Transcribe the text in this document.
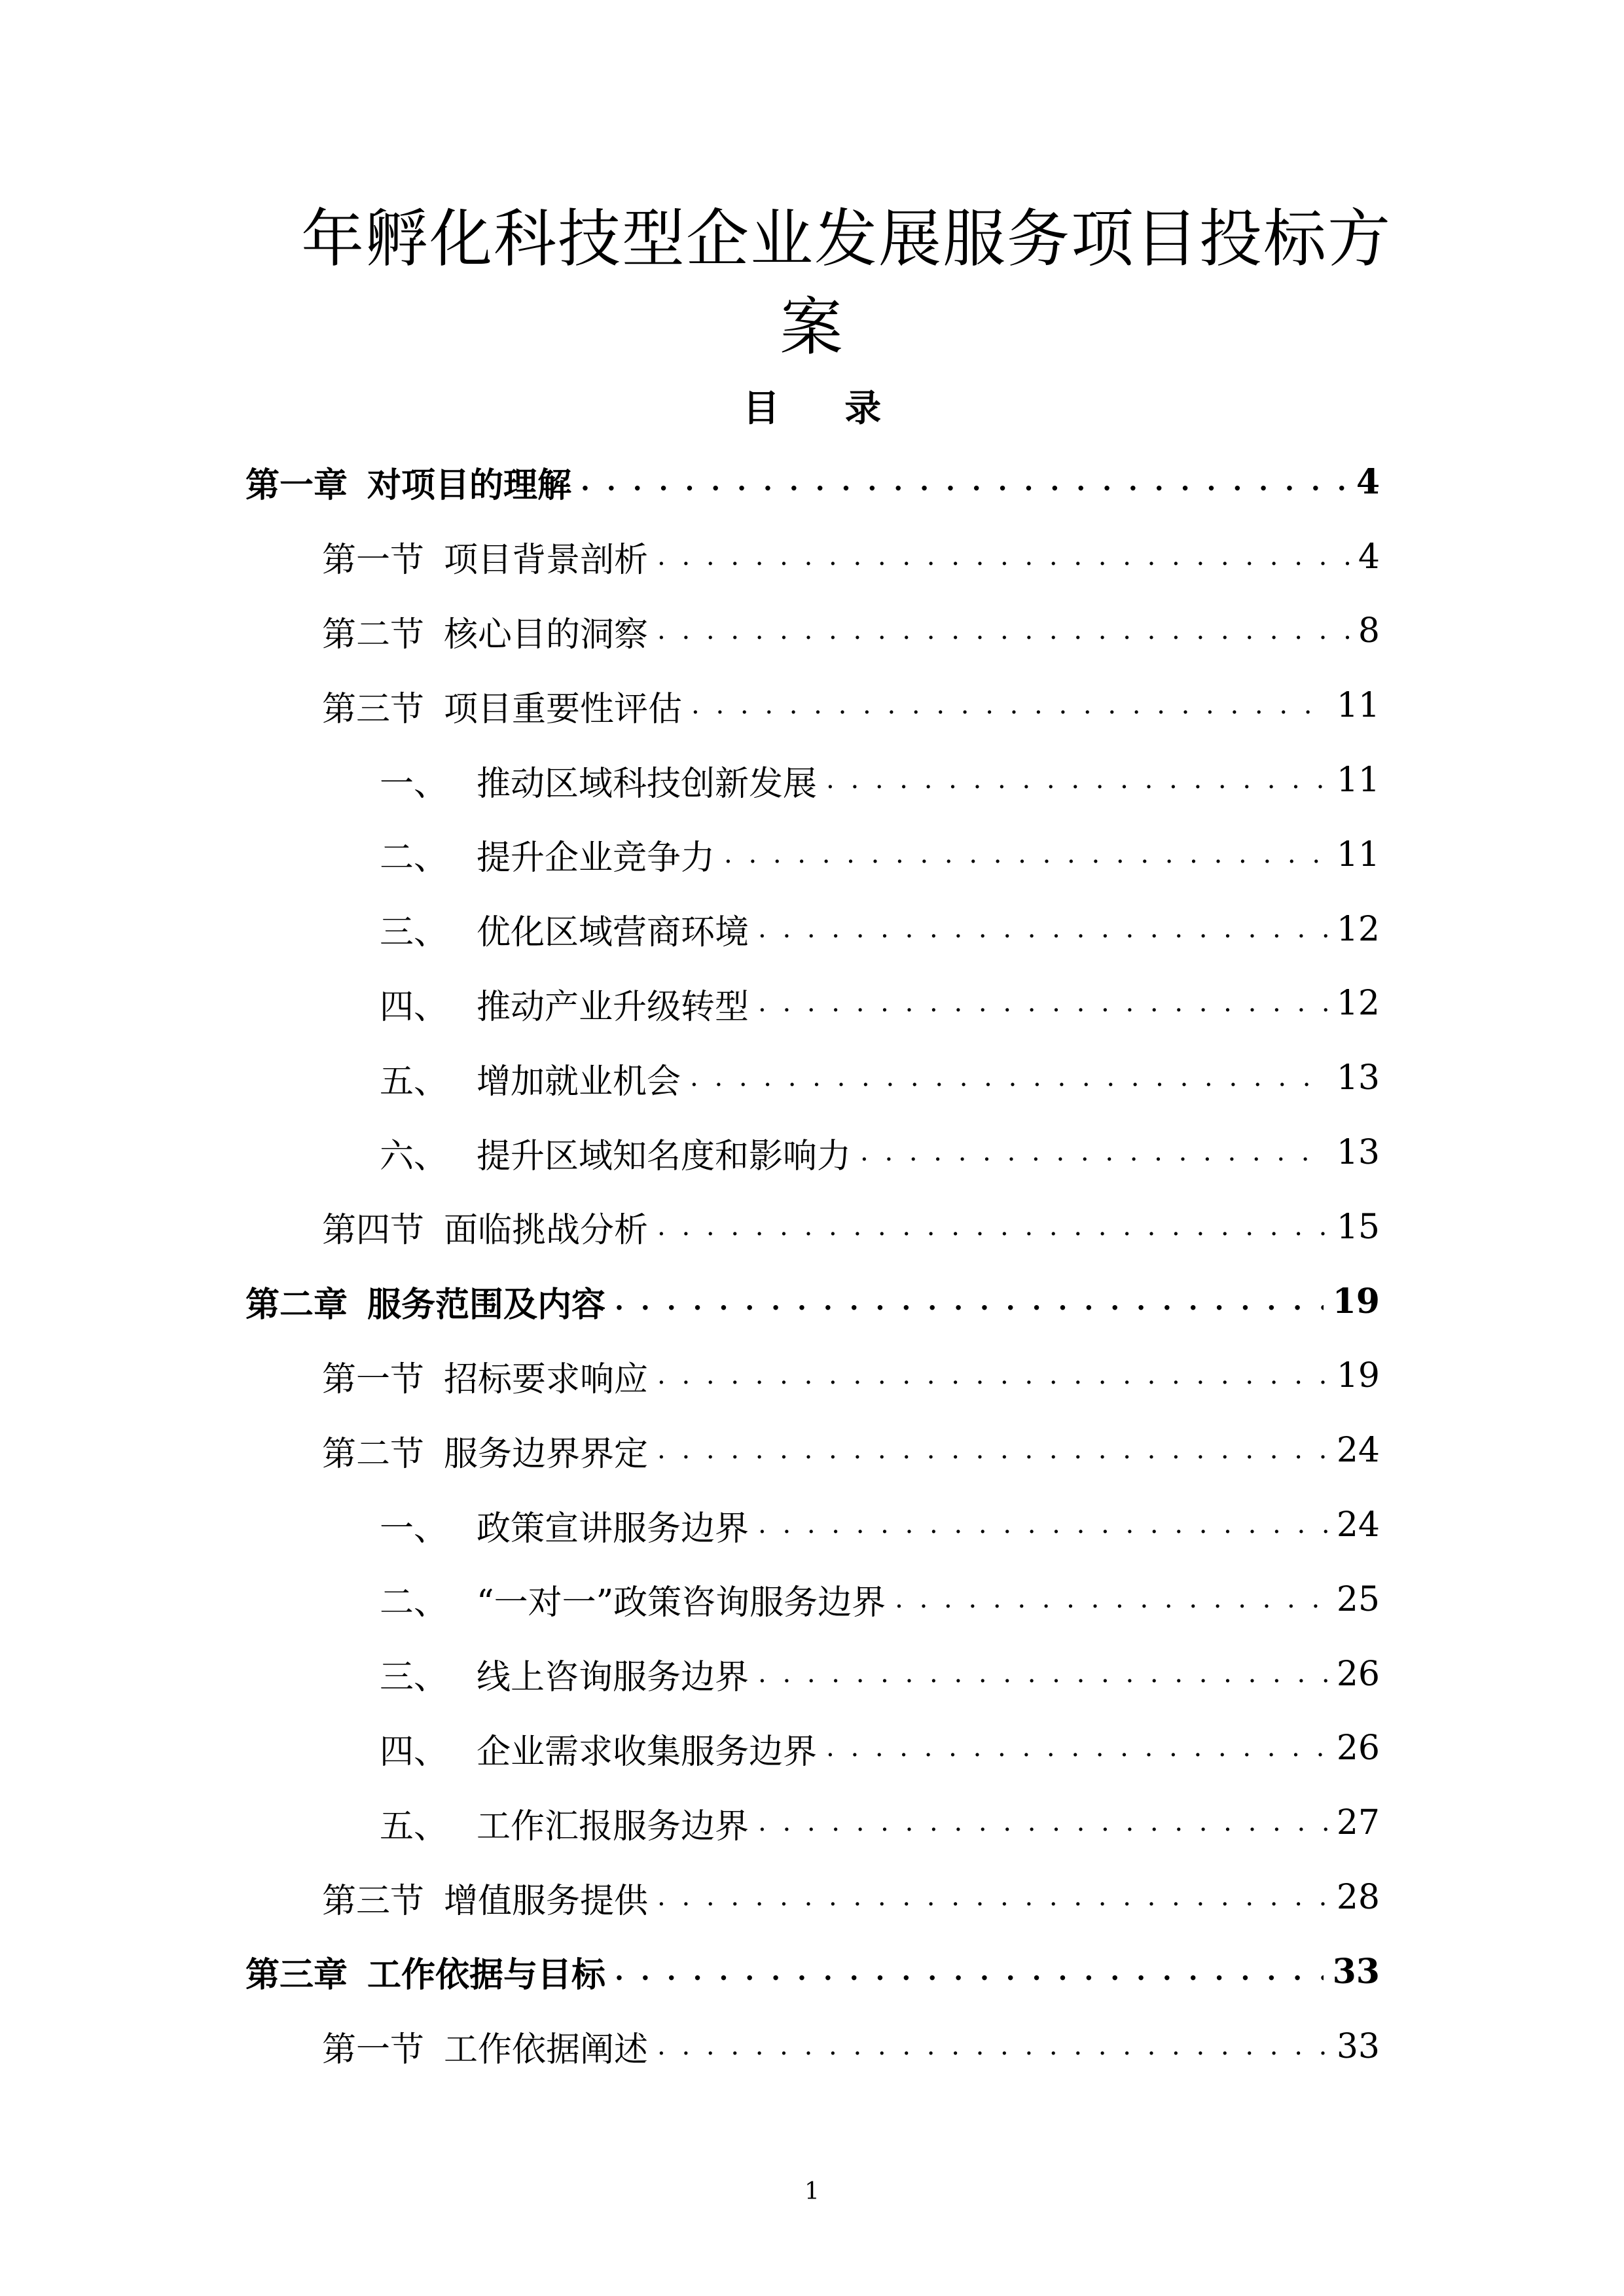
年孵化科技型企业发展服务项目投标方
案
目 录
第一章 对项目的理解 . . .	4
第一节 项目背景剖析 . . .	4
第二节 核心目的洞察 . . .	8
第三节 项目重要性评估 . . .	11
一、 推动区域科技创新发展 . . .	11
二、 提升企业竞争力 . . .	11
三、 优化区域营商环境 . . .	12
四、 推动产业升级转型 . . .	12
五、 增加就业机会 . . .	13
六、 提升区域知名度和影响力 . . .	13
第四节 面临挑战分析 . . .	15
第二章 服务范围及内容 . . .	19
第一节 招标要求响应 . . .	19
第二节 服务边界界定 . . .	24
一、 政策宣讲服务边界 . . .	24
二、 “一对一”政策咨询服务边界 . . .	25
三、 线上咨询服务边界 . . .	26
四、 企业需求收集服务边界 . . .	26
五、 工作汇报服务边界 . . .	27
第三节 增值服务提供 . . .	28
第三章 工作依据与目标 . . .	33
第一节 工作依据阐述 . . .	33
1
